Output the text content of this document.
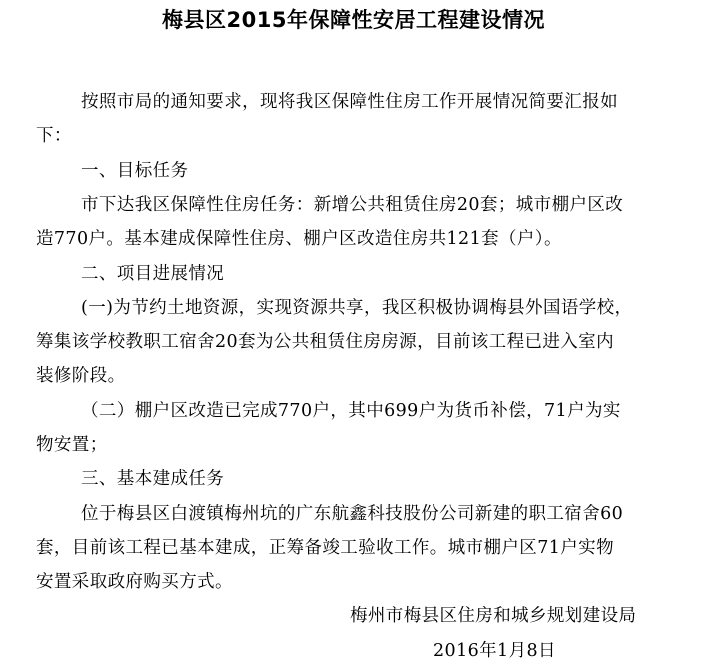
梅县区2015年保障性安居工程建设情况
按照市局的通知要求，现将我区保障性住房工作开展情况简要汇报如
下：
一、目标任务
市下达我区保障性住房任务：新增公共租赁住房20套；城市棚户区改
造770户。基本建成保障性住房、棚户区改造住房共121套（户）。
二、项目进展情况
(一)为节约土地资源，实现资源共享，我区积极协调梅县外国语学校，
筹集该学校教职工宿舍20套为公共租赁住房房源，目前该工程已进入室内
装修阶段。
（二）棚户区改造已完成770户，其中699户为货币补偿，71户为实
物安置；
三、基本建成任务
位于梅县区白渡镇梅州坑的广东航鑫科技股份公司新建的职工宿舍60
套，目前该工程已基本建成，正筹备竣工验收工作。城市棚户区71户实物
安置采取政府购买方式。
梅州市梅县区住房和城乡规划建设局
2016年1月8日
